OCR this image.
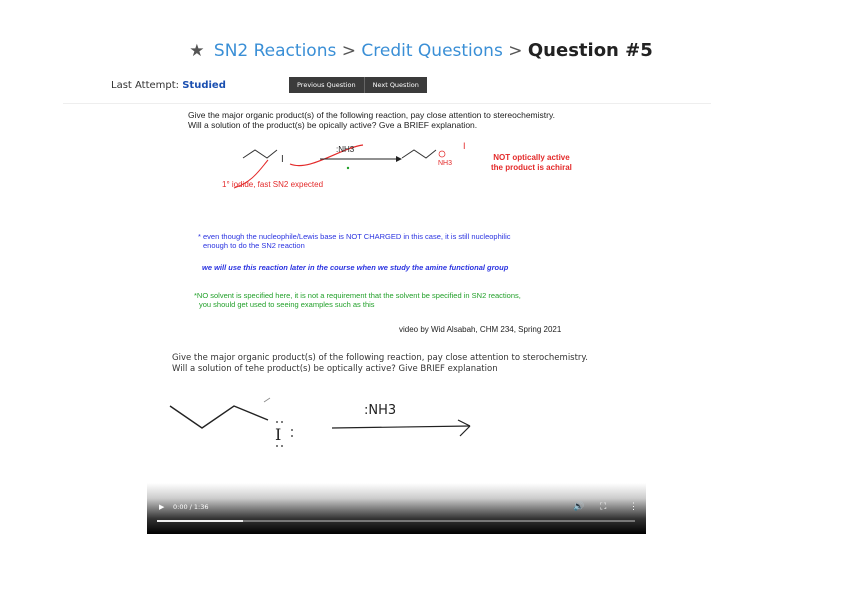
★ SN2 Reactions > Credit Questions > Question #5
Last Attempt: Studied	Previous Question	Next Question
Give the major organic product(s) of the following reaction, pay close attention to stereochemistry.
Will a solution of the product(s) be opically active? Gve a BRIEF explanation.
I
:NH3
NH3
I
NOT optically active
the product is achiral
1° iodide, fast SN2 expected
* even though the nucleophile/Lewis base is NOT CHARGED in this case, it is still nucleophilic
enough to do the SN2 reaction
we will use this reaction later in the course when we study the amine functional group
*NO solvent is specified here, it is not a requirement that the solvent be specified in SN2 reactions,
you should get used to seeing examples such as this
video by Wid Alsabah, CHM 234, Spring 2021
Give the major organic product(s) of the following reaction, pay close attention to sterochemistry.
Will a solution of tehe product(s) be optically active? Give BRIEF explanation
I
:NH3
▶ 0:00 / 1:36	🔊 ⛶	⋮
